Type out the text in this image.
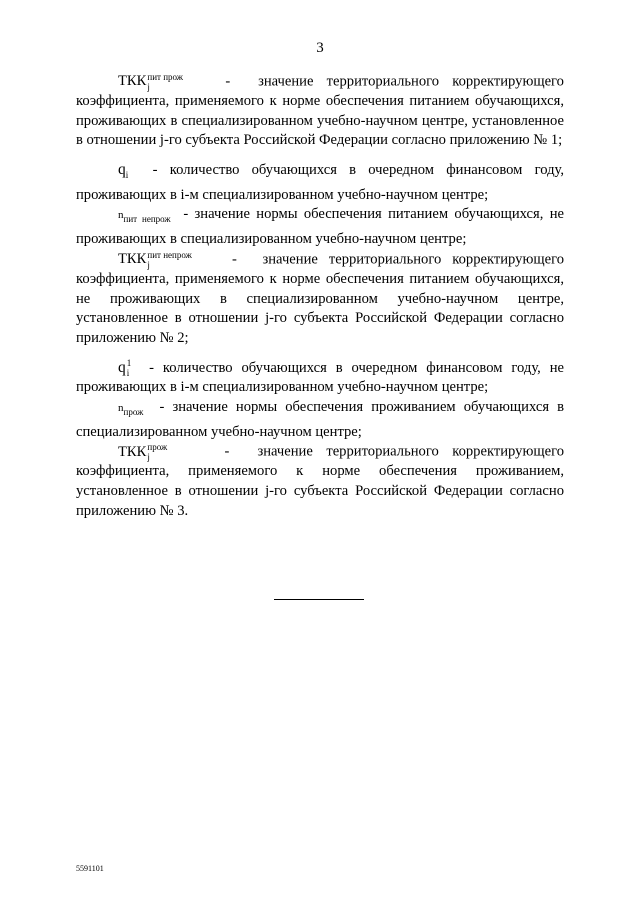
3

ТКК пит прож
j
  	-  значение территориального корректирующего коэффициента, применяемого к норме обеспечения питанием обучающихся, проживающих в специализированном учебно-научном центре, установленное в отношении j-го субъекта Российской Федерации согласно приложению № 1;

$q_i$ - количество обучающихся в очередном финансовом году, проживающих в i-м специализированном учебно-научном центре;

$n_{пит непрож}$ - значение нормы обеспечения питанием обучающихся, не проживающих в специализированном учебно-научном центре;

ТКК пит непрож
j
  	-  значение территориального корректирующего коэффициента, применяемого к норме обеспечения питанием обучающихся, не проживающих в специализированном учебно-научном центре, установленное в отношении j-го субъекта Российской Федерации согласно приложению № 2;

q 1
i - количество обучающихся в очередном финансовом году, не проживающих в i-м специализированном учебно-научном центре;

$n_{прож}$ - значение нормы обеспечения проживанием обучающихся в специализированном учебно-научном центре;

ТКК прож
j
   	-  значение территориального корректирующего коэффициента, применяемого к норме обеспечения проживанием, установленное в отношении j-го субъекта Российской Федерации согласно приложению № 3.

5591101
